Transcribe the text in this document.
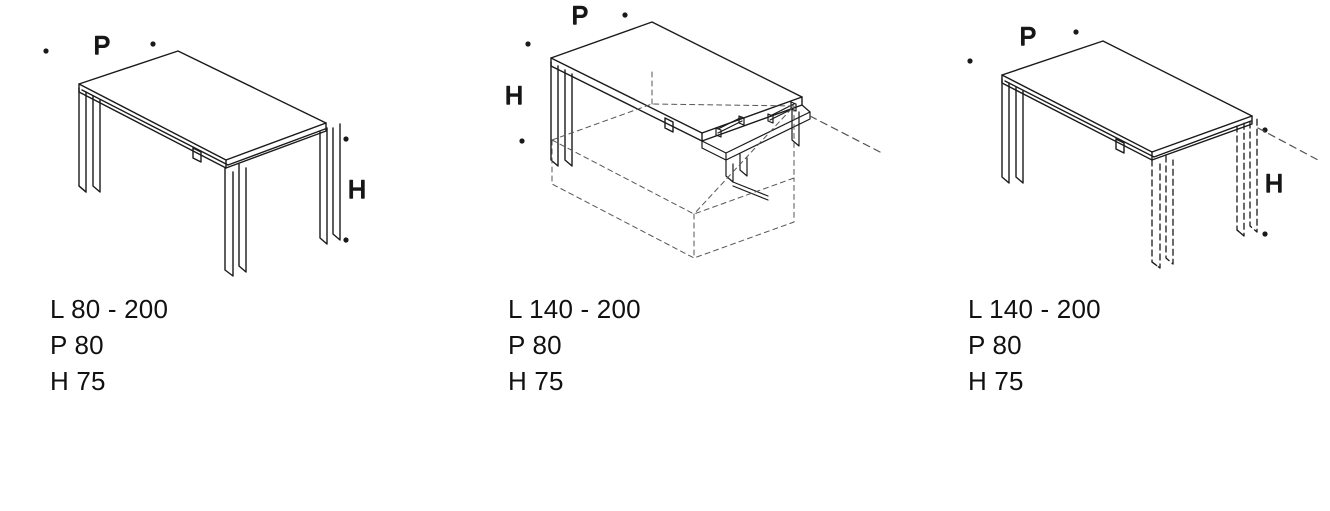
P
H
L 80 - 200
P 80
H 75
P
H
L 140 - 200
P 80
H 75
P
H
L 140 - 200
P 80
H 75
